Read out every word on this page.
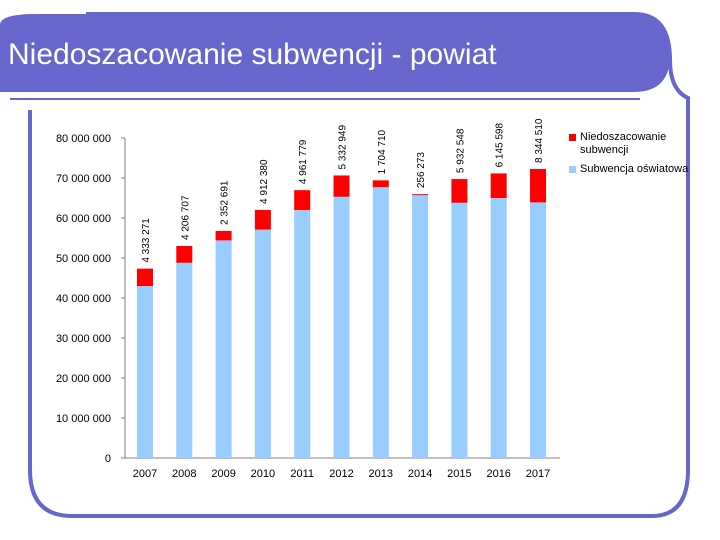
Niedoszacowanie subwencji - powiat
0
10 000 000
20 000 000
30 000 000
40 000 000
50 000 000
60 000 000
70 000 000
80 000 000
2007 2008 2009 2010 2011 2012 2013 2014 2015 2016 2017
4 333 271
4 206 707	2 352 691	4 912 380	4 961 779	5 332 949	1 704 710	256 273	5 932 548	6 145 598	8 344 510	Niedoszacowanie subwencji
Subwencja oświatowa
